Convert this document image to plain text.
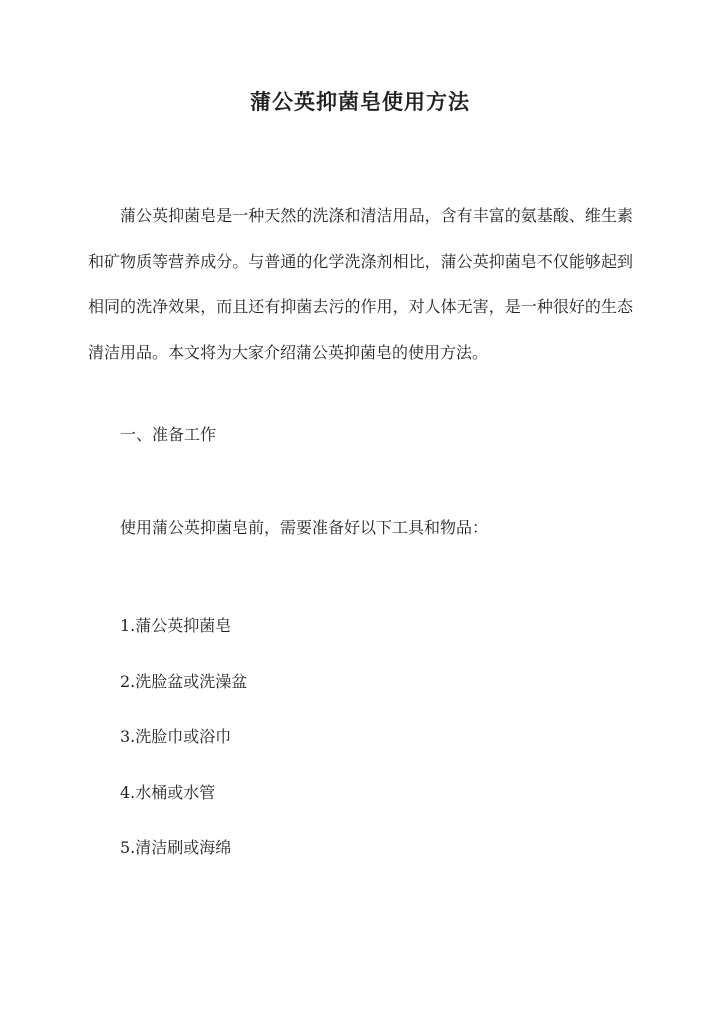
蒲公英抑菌皂使用方法

蒲公英抑菌皂是一种天然的洗涤和清洁用品，含有丰富的氨基酸、维生素和矿物质等营养成分。与普通的化学洗涤剂相比，蒲公英抑菌皂不仅能够起到相同的洗净效果，而且还有抑菌去污的作用，对人体无害，是一种很好的生态清洁用品。本文将为大家介绍蒲公英抑菌皂的使用方法。

一、准备工作

使用蒲公英抑菌皂前，需要准备好以下工具和物品：

1.蒲公英抑菌皂
2.洗脸盆或洗澡盆
3.洗脸巾或浴巾
4.水桶或水管
5.清洁刷或海绵
